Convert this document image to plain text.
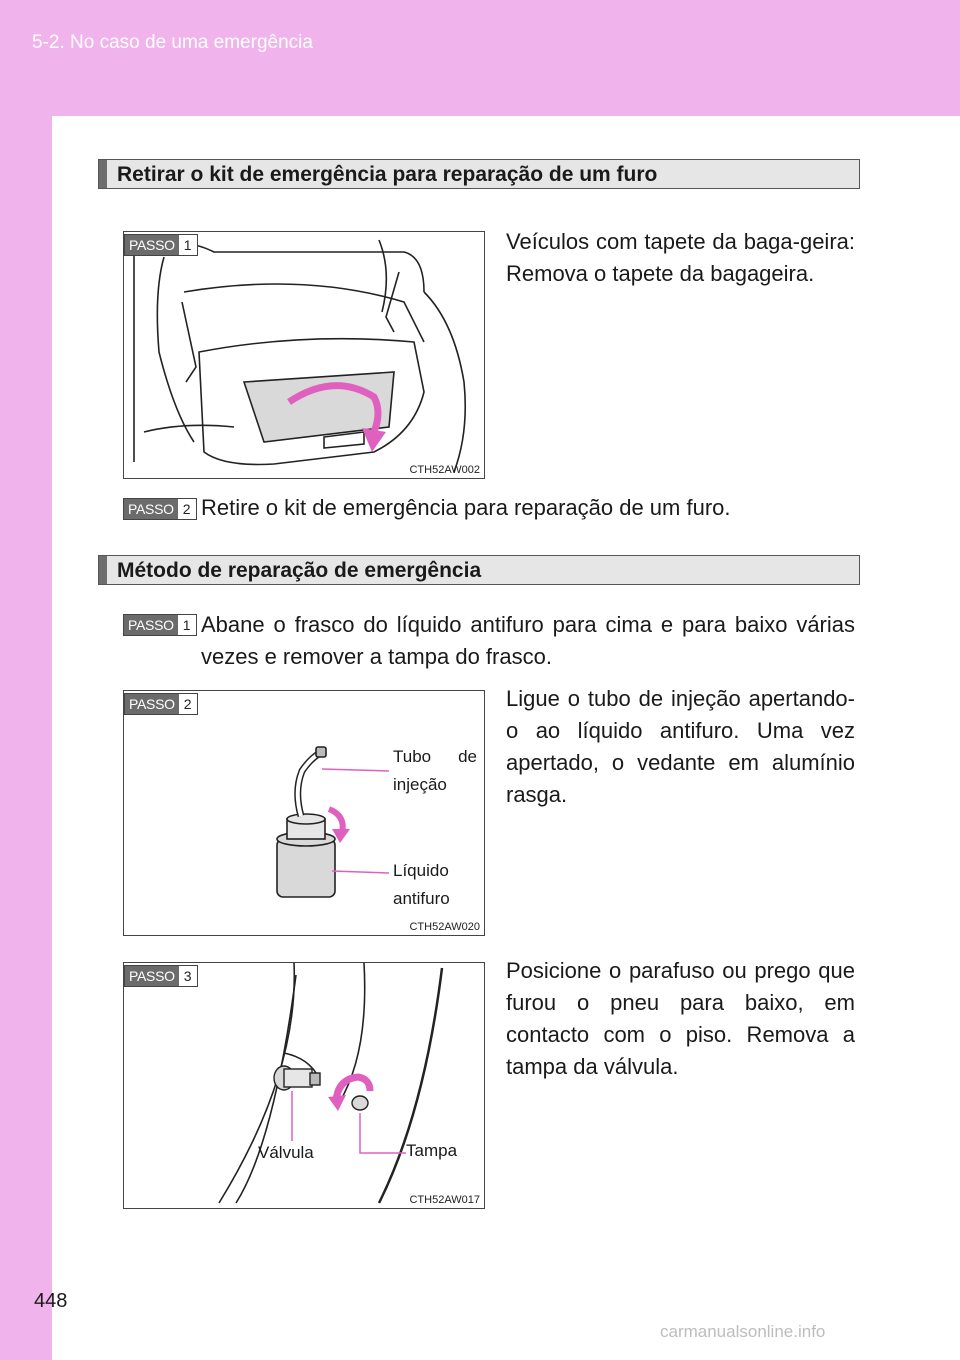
5-2. No caso de uma emergência
448
Retirar o kit de emergência para reparação de um furo
PASSO 1
CTH52AW002
Veículos com tapete da baga-geira: Remova o tapete da bagageira.
PASSO 2 Retire o kit de emergência para reparação de um furo.
Método de reparação de emergência
PASSO 1 Abane o frasco do líquido antifuro para cima e para baixo várias vezes e remover a tampa do frasco.
PASSO 2
Tubo de
injeção
Líquido
antifuro
CTH52AW020
Ligue o tubo de injeção apertando-o ao líquido antifuro. Uma vez apertado, o vedante em alumínio rasga.
PASSO 3
Válvula	Tampa
CTH52AW017
Posicione o parafuso ou prego que furou o pneu para baixo, em contacto com o piso. Remova a tampa da válvula.
carmanualsonline.info
